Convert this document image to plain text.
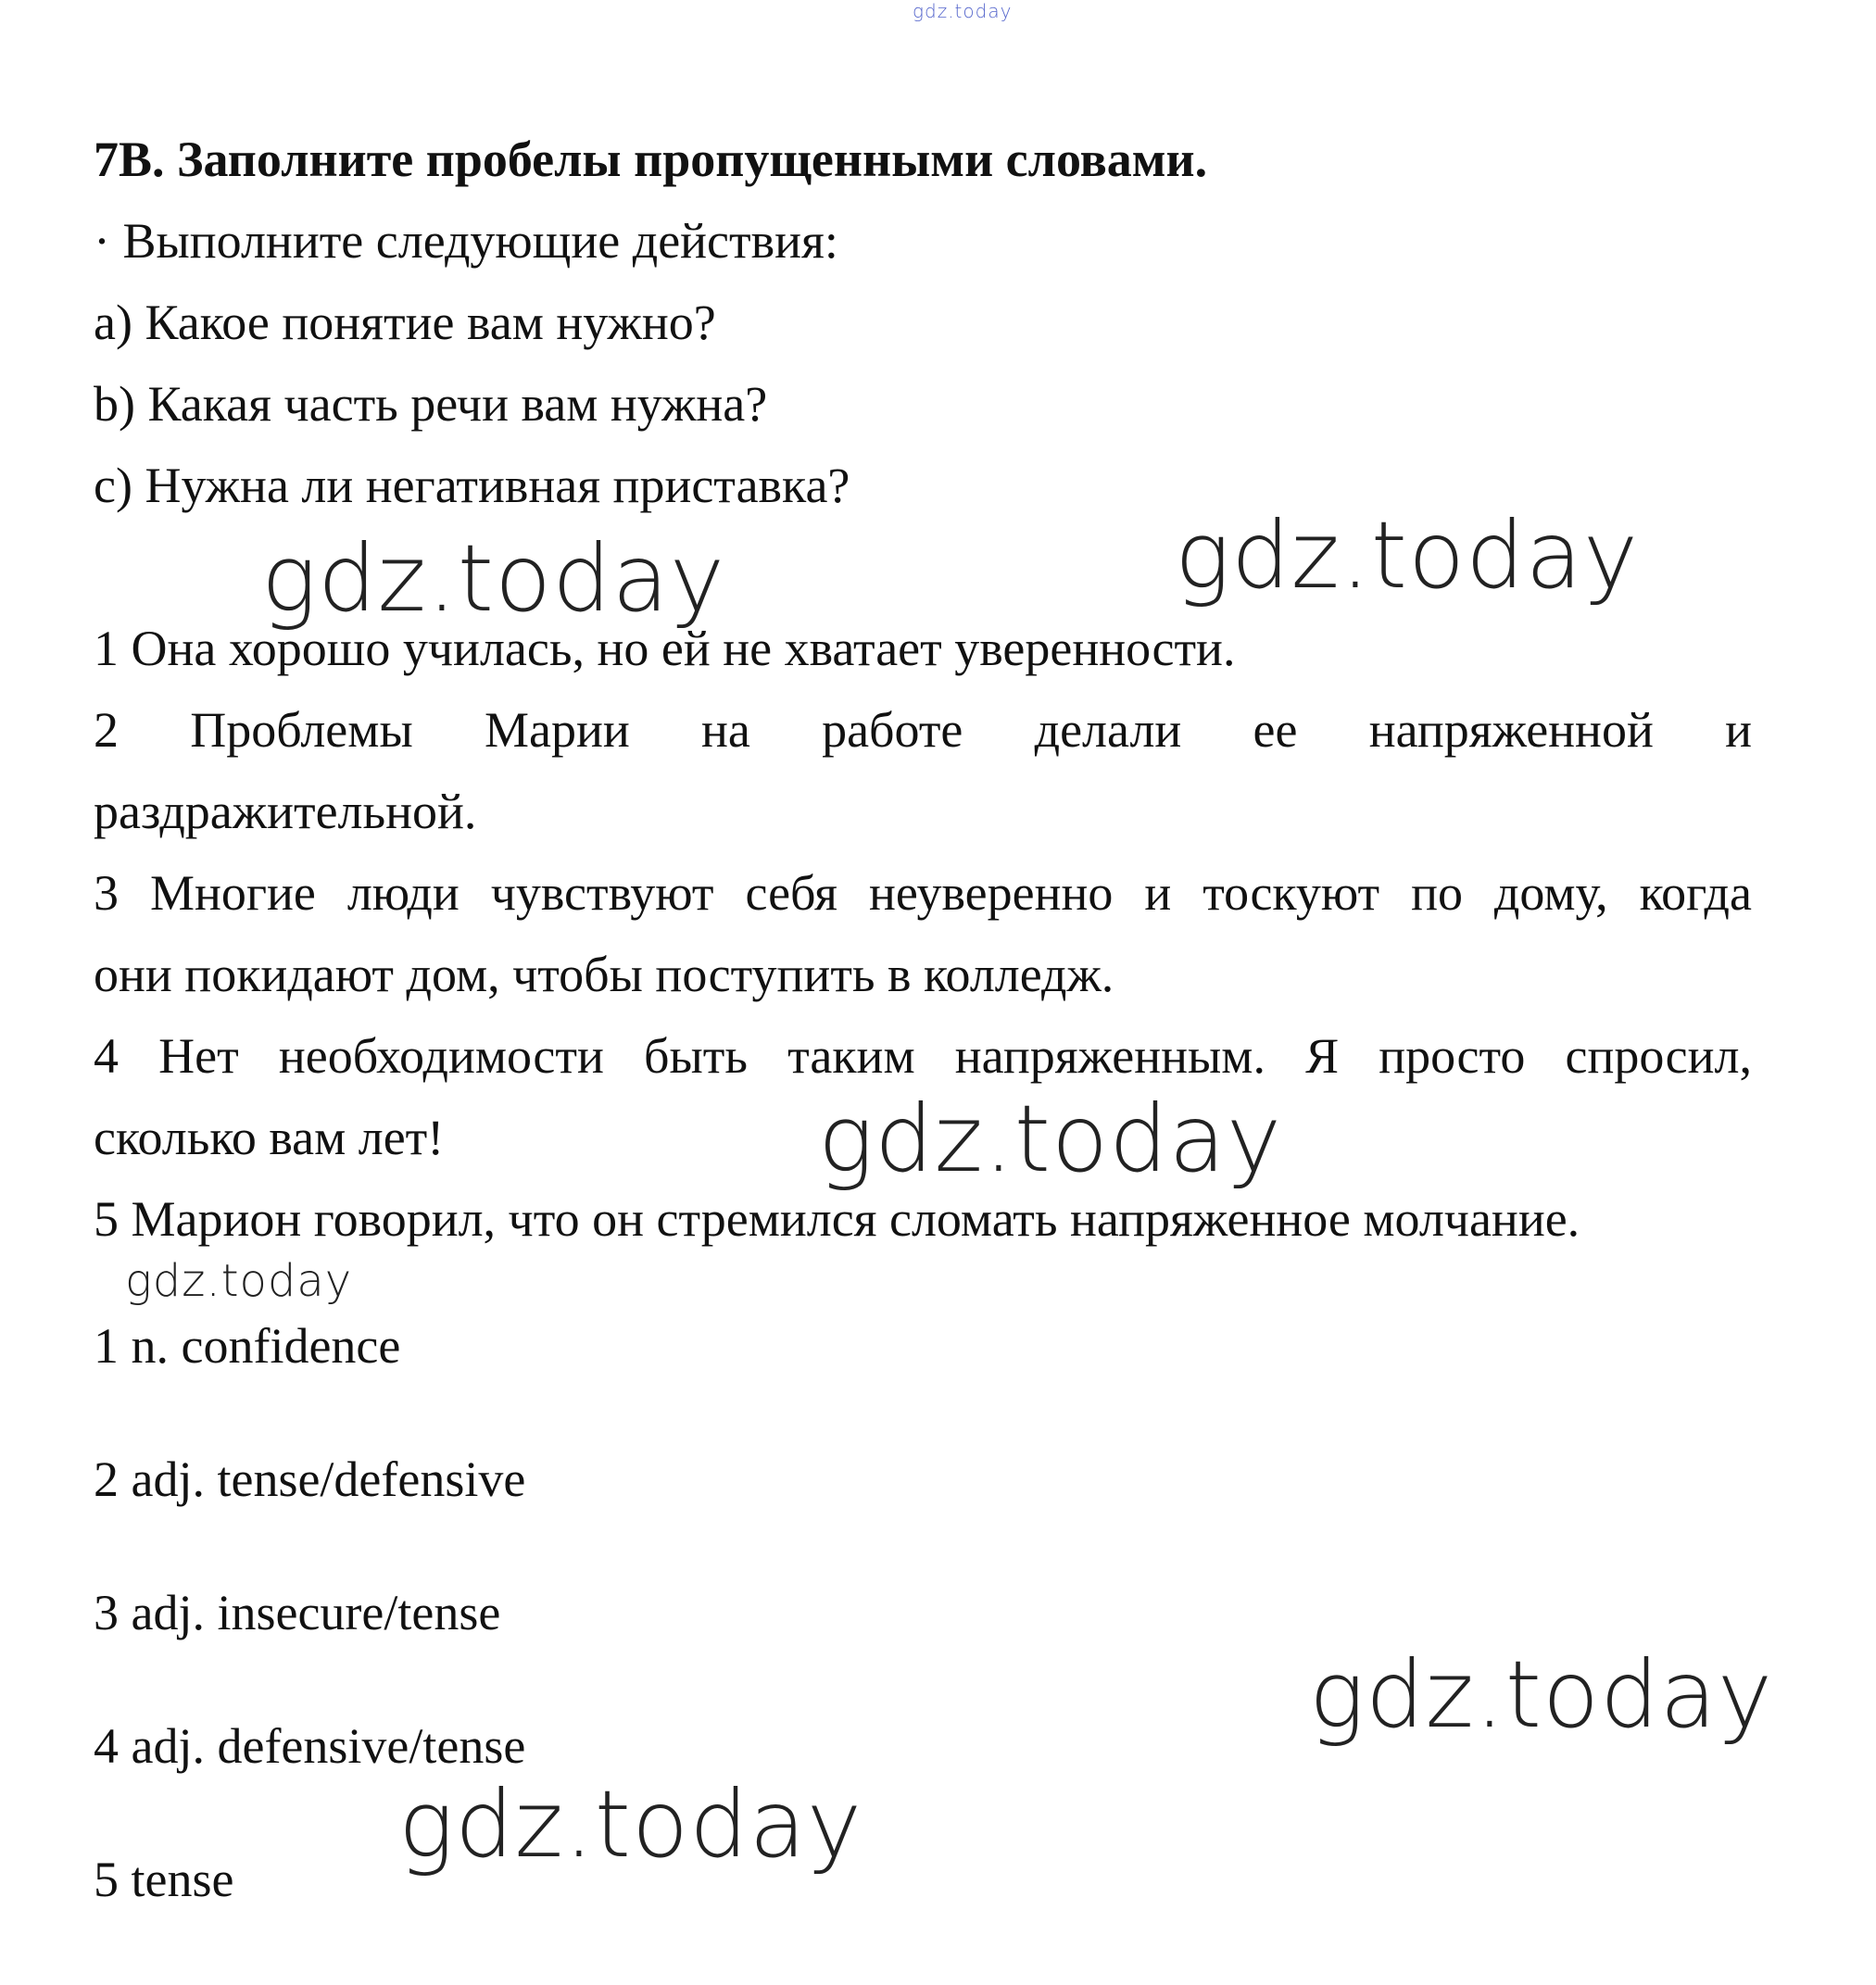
gdz.today
gdz.today	gdz.today
gdz.today
gdz.today
gdz.today
gdz.today
7B. Заполните пробелы пропущенными словами.
· Выполните следующие действия:
a) Какое понятие вам нужно?
b) Какая часть речи вам нужна?
c) Нужна ли негативная приставка?
1 Она хорошо училась, но ей не хватает уверенности.
2 Проблемы Марии на работе делали ее напряженной и
раздражительной.
3 Многие люди чувствуют себя неуверенно и тоскуют по дому, когда
они покидают дом, чтобы поступить в колледж.
4 Нет необходимости быть таким напряженным. Я просто спросил,
сколько вам лет!
5 Марион говорил, что он стремился сломать напряженное молчание.
1 n. confidence
2 adj. tense/defensive
3 adj. insecure/tense
4 adj. defensive/tense
5 tense
